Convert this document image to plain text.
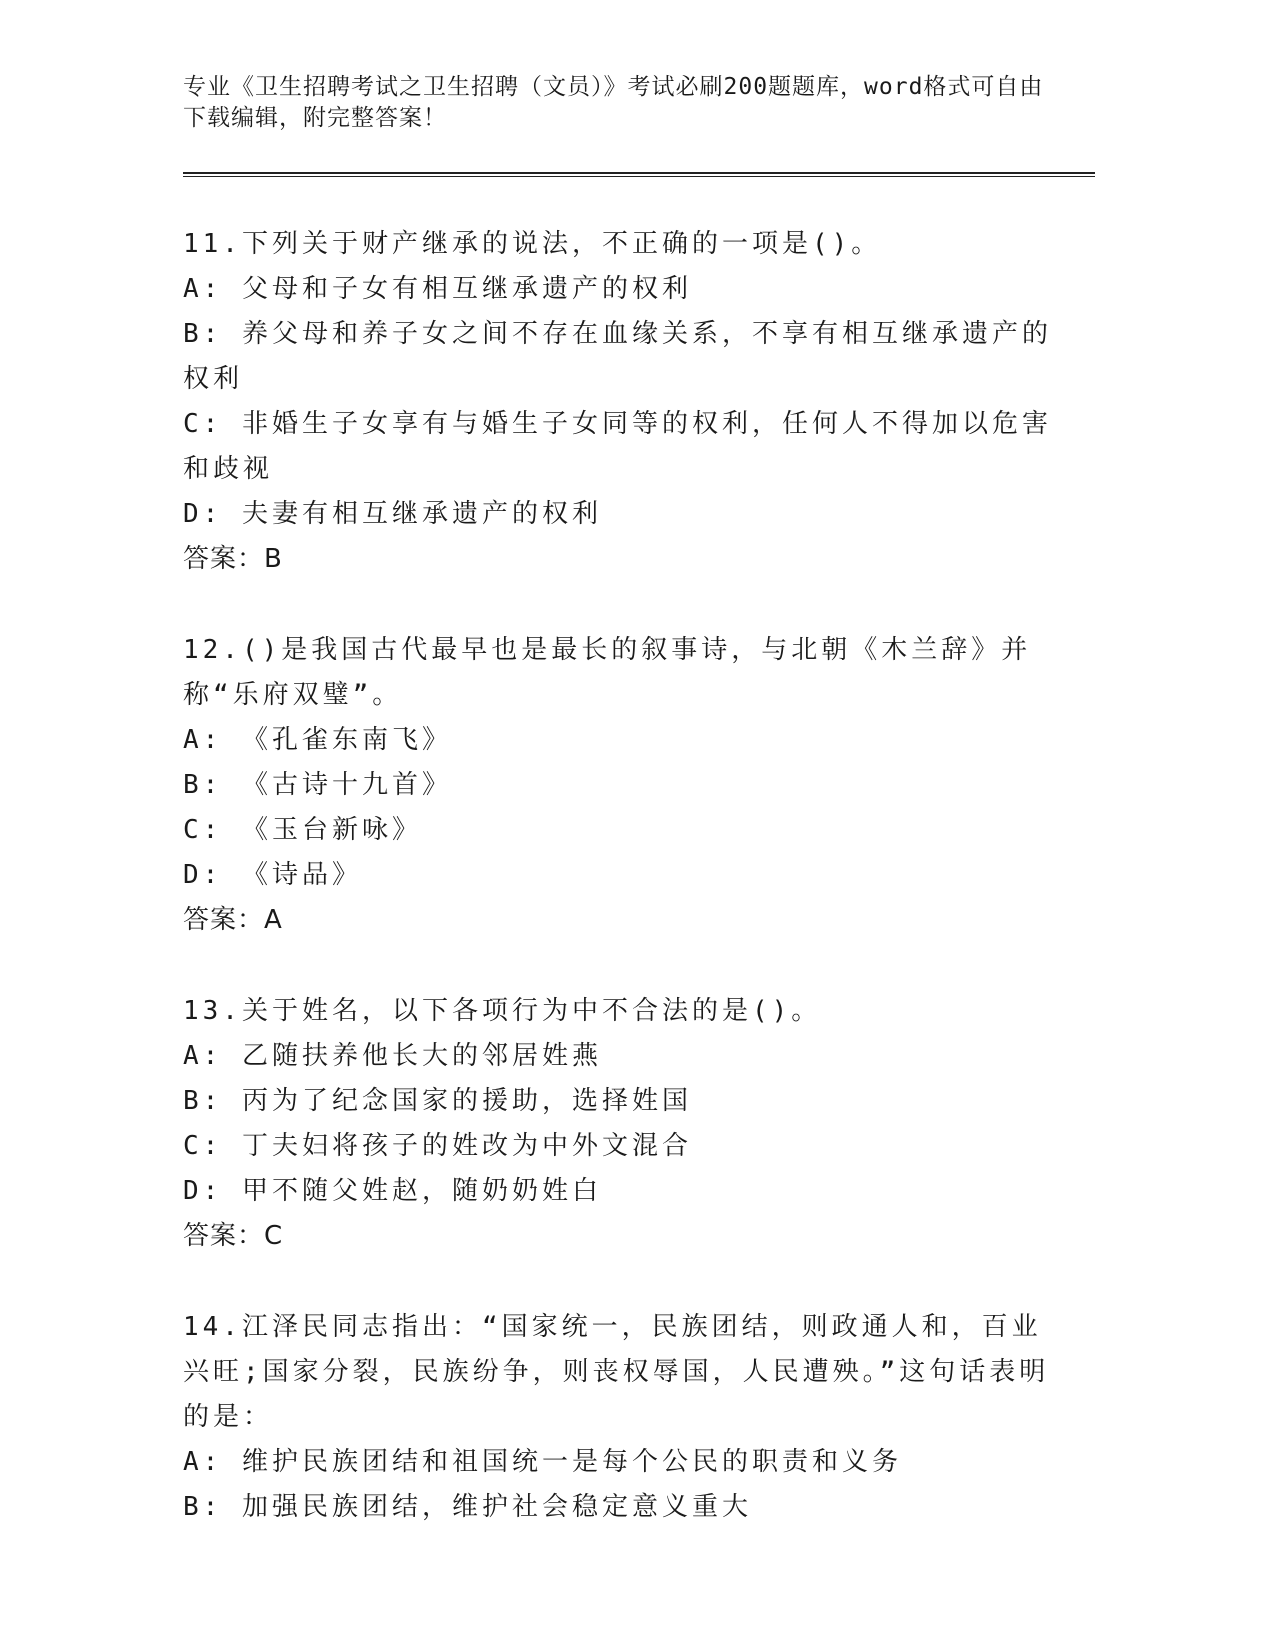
专业《卫生招聘考试之卫生招聘（文员）》考试必刷200题题库，word格式可自由下载编辑，附完整答案！
11.下列关于财产继承的说法，不正确的一项是()。
A: 父母和子女有相互继承遗产的权利
B: 养父母和养子女之间不存在血缘关系，不享有相互继承遗产的权利
C: 非婚生子女享有与婚生子女同等的权利，任何人不得加以危害和歧视
D: 夫妻有相互继承遗产的权利
答案：B
12.()是我国古代最早也是最长的叙事诗，与北朝《木兰辞》并称“乐府双璧”。
A: 《孔雀东南飞》
B: 《古诗十九首》
C: 《玉台新咏》
D: 《诗品》
答案：A
13.关于姓名，以下各项行为中不合法的是()。
A: 乙随扶养他长大的邻居姓燕
B: 丙为了纪念国家的援助，选择姓国
C: 丁夫妇将孩子的姓改为中外文混合
D: 甲不随父姓赵，随奶奶姓白
答案：C
14.江泽民同志指出：“国家统一，民族团结，则政通人和，百业兴旺;国家分裂，民族纷争，则丧权辱国，人民遭殃。”这句话表明的是：
A: 维护民族团结和祖国统一是每个公民的职责和义务
B: 加强民族团结，维护社会稳定意义重大
